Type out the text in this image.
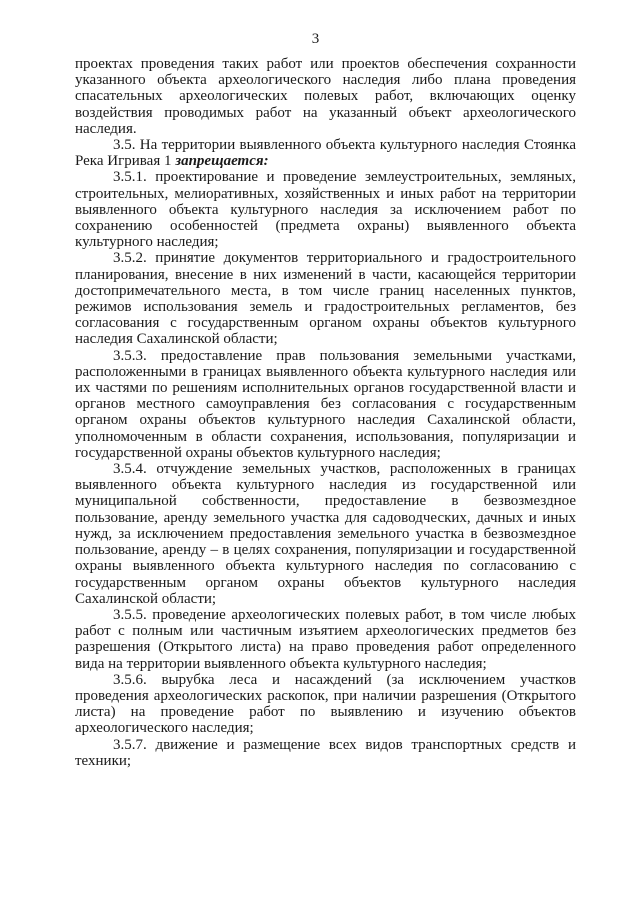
3

проектах проведения таких работ или проектов обеспечения сохранности указанного объекта археологического наследия либо плана проведения спасательных археологических полевых работ, включающих оценку воздействия проводимых работ на указанный объект археологического наследия.

3.5. На территории выявленного объекта культурного наследия Стоянка Река Игривая 1 запрещается:

3.5.1. проектирование и проведение землеустроительных, земляных, строительных, мелиоративных, хозяйственных и иных работ на территории выявленного объекта культурного наследия за исключением работ по сохранению особенностей (предмета охраны) выявленного объекта культурного наследия;

3.5.2. принятие документов территориального и градостроительного планирования, внесение в них изменений в части, касающейся территории достопримечательного места, в том числе границ населенных пунктов, режимов использования земель и градостроительных регламентов, без согласования с государственным органом охраны объектов культурного наследия Сахалинской области;

3.5.3. предоставление прав пользования земельными участками, расположенными в границах выявленного объекта культурного наследия или их частями по решениям исполнительных органов государственной власти и органов местного самоуправления без согласования с государственным органом охраны объектов культурного наследия Сахалинской области, уполномоченным в области сохранения, использования, популяризации и государственной охраны объектов культурного наследия;

3.5.4. отчуждение земельных участков, расположенных в границах выявленного объекта культурного наследия из государственной или муниципальной собственности, предоставление в безвозмездное пользование, аренду земельного участка для садоводческих, дачных и иных нужд, за исключением предоставления земельного участка в безвозмездное пользование, аренду – в целях сохранения, популяризации и государственной охраны выявленного объекта культурного наследия по согласованию с государственным органом охраны объектов культурного наследия Сахалинской области;

3.5.5. проведение археологических полевых работ, в том числе любых работ с полным или частичным изъятием археологических предметов без разрешения (Открытого листа) на право проведения работ определенного вида на территории выявленного объекта культурного наследия;

3.5.6. вырубка леса и насаждений (за исключением участков проведения археологических раскопок, при наличии разрешения (Открытого листа) на проведение работ по выявлению и изучению объектов археологического наследия;

3.5.7. движение и размещение всех видов транспортных средств и техники;
